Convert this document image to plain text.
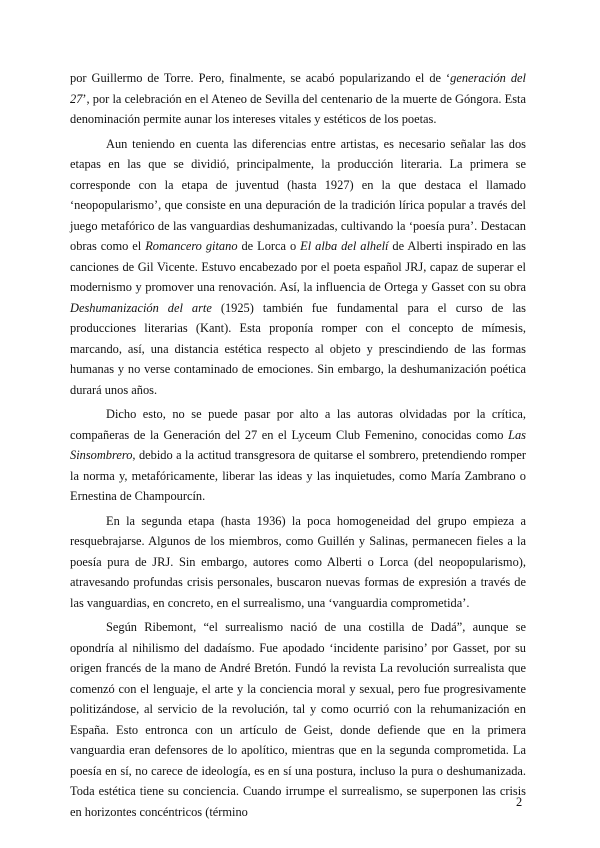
por Guillermo de Torre. Pero, finalmente, se acabó popularizando el de ‘generación del 27’, por la celebración en el Ateneo de Sevilla del centenario de la muerte de Góngora. Esta denominación permite aunar los intereses vitales y estéticos de los poetas.

Aun teniendo en cuenta las diferencias entre artistas, es necesario señalar las dos etapas en las que se dividió, principalmente, la producción literaria. La primera se corresponde con la etapa de juventud (hasta 1927) en la que destaca el llamado ‘neopopularismo’, que consiste en una depuración de la tradición lírica popular a través del juego metafórico de las vanguardias deshumanizadas, cultivando la ‘poesía pura’. Destacan obras como el Romancero gitano de Lorca o El alba del alhelí de Alberti inspirado en las canciones de Gil Vicente. Estuvo encabezado por el poeta español JRJ, capaz de superar el modernismo y promover una renovación. Así, la influencia de Ortega y Gasset con su obra Deshumanización del arte (1925) también fue fundamental para el curso de las producciones literarias (Kant). Esta proponía romper con el concepto de mímesis, marcando, así, una distancia estética respecto al objeto y prescindiendo de las formas humanas y no verse contaminado de emociones. Sin embargo, la deshumanización poética durará unos años.

Dicho esto, no se puede pasar por alto a las autoras olvidadas por la crítica, compañeras de la Generación del 27 en el Lyceum Club Femenino, conocidas como Las Sinsombrero, debido a la actitud transgresora de quitarse el sombrero, pretendiendo romper la norma y, metafóricamente, liberar las ideas y las inquietudes, como María Zambrano o Ernestina de Champourcín.

En la segunda etapa (hasta 1936) la poca homogeneidad del grupo empieza a resquebrajarse. Algunos de los miembros, como Guillén y Salinas, permanecen fieles a la poesía pura de JRJ. Sin embargo, autores como Alberti o Lorca (del neopopularismo), atravesando profundas crisis personales, buscaron nuevas formas de expresión a través de las vanguardias, en concreto, en el surrealismo, una ‘vanguardia comprometida’.

Según Ribemont, “el surrealismo nació de una costilla de Dadá”, aunque se opondría al nihilismo del dadaísmo. Fue apodado ‘incidente parisino’ por Gasset, por su origen francés de la mano de André Bretón. Fundó la revista La revolución surrealista que comenzó con el lenguaje, el arte y la conciencia moral y sexual, pero fue progresivamente politizándose, al servicio de la revolución, tal y como ocurrió con la rehumanización en España. Esto entronca con un artículo de Geist, donde defiende que en la primera vanguardia eran defensores de lo apolítico, mientras que en la segunda comprometida. La poesía en sí, no carece de ideología, es en sí una postura, incluso la pura o deshumanizada. Toda estética tiene su conciencia. Cuando irrumpe el surrealismo, se superponen las crisis en horizontes concéntricos (término

2
